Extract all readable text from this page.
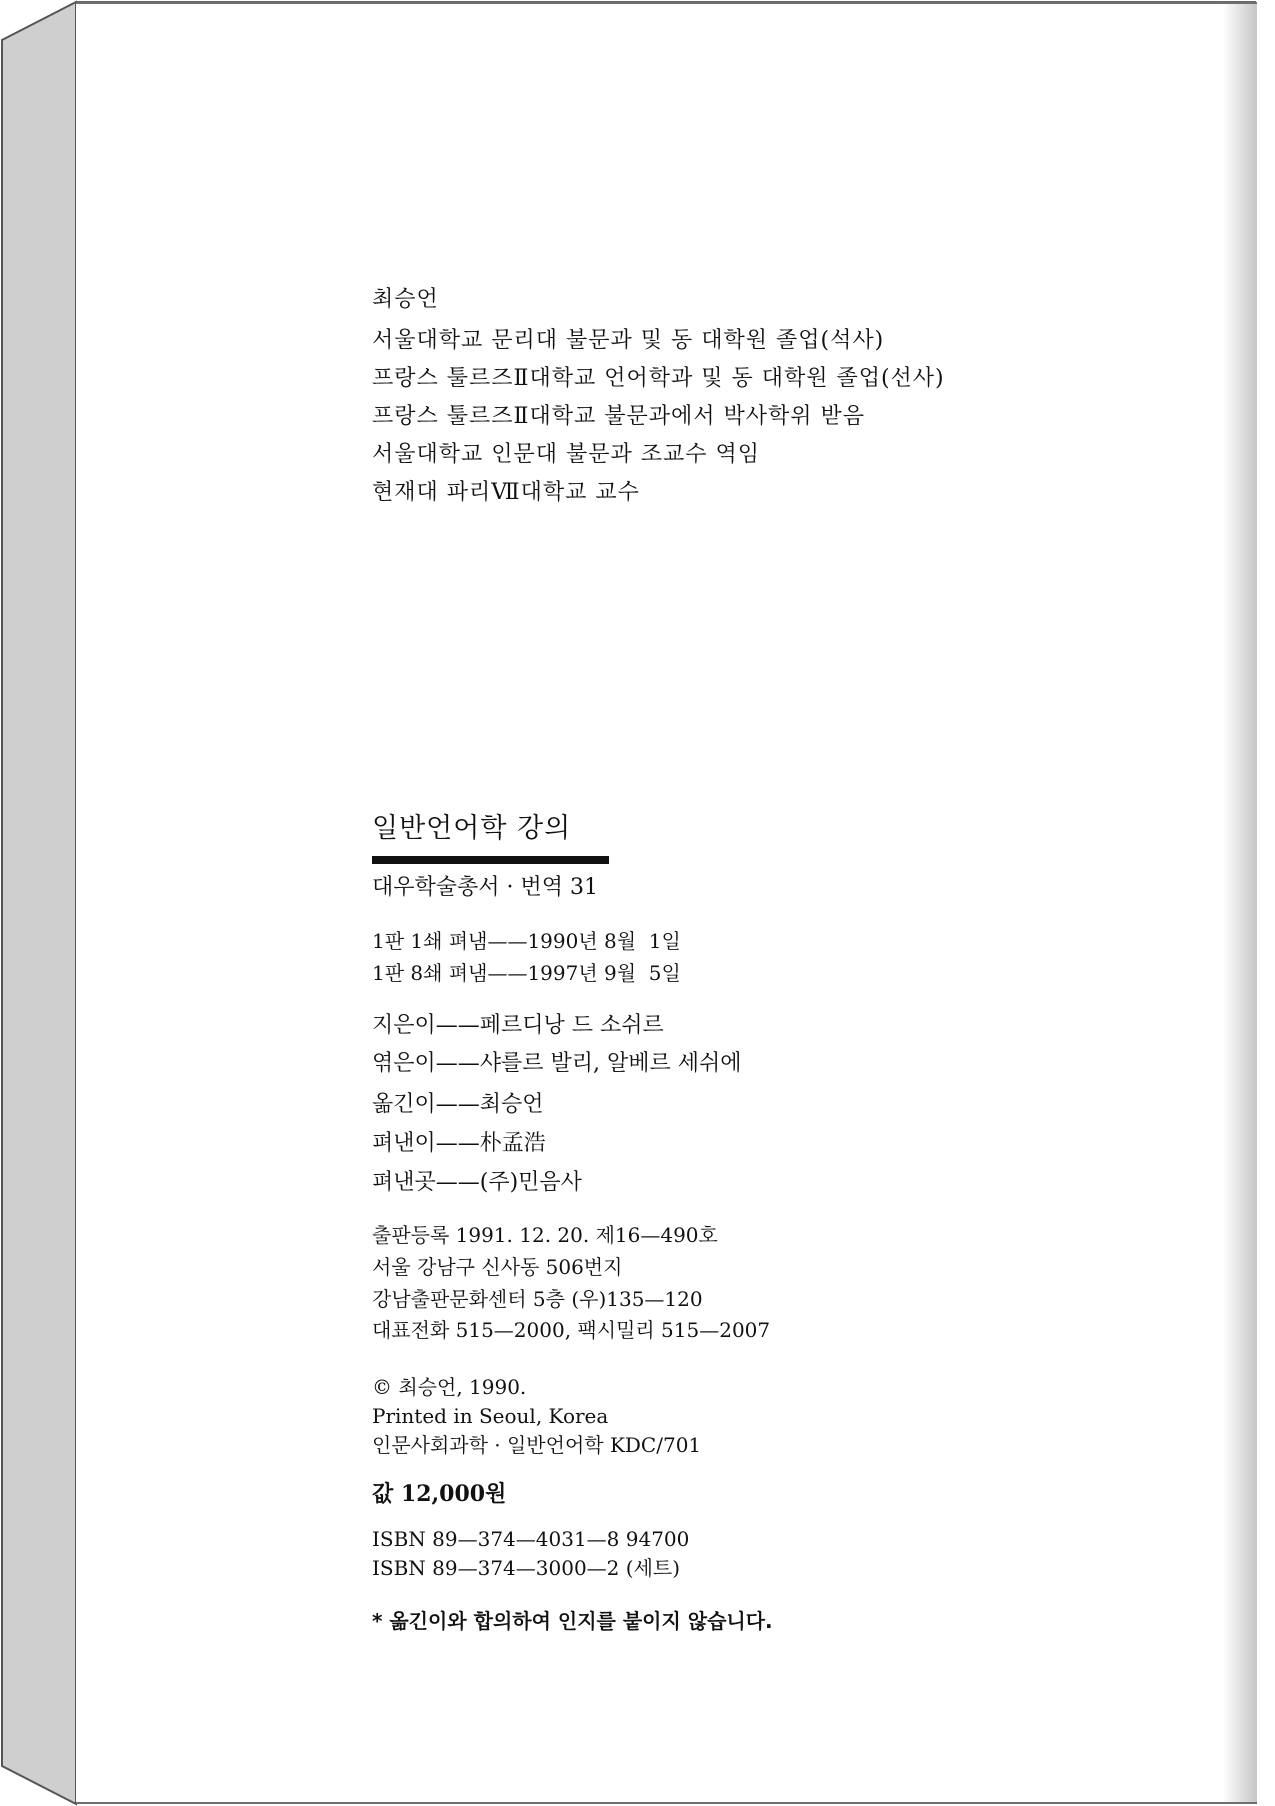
최승언
서울대학교 문리대 불문과 및 동 대학원 졸업(석사)
프랑스 툴르즈Ⅱ대학교 언어학과 및 동 대학원 졸업(선사)
프랑스 툴르즈Ⅱ대학교 불문과에서 박사학위 받음
서울대학교 인문대 불문과 조교수 역임
현재대 파리Ⅶ대학교 교수
일반언어학 강의
대우학술총서 · 번역 31
1판 1쇄 펴냄——1990년 8월  1일
1판 8쇄 펴냄——1997년 9월  5일
지은이——페르디낭 드 소쉬르
엮은이——샤를르 발리, 알베르 세쉬에
옮긴이——최승언
펴낸이——朴孟浩
펴낸곳——(주)민음사
출판등록 1991. 12. 20. 제16—490호
서울 강남구 신사동 506번지
강남출판문화센터 5층 (우)135—120
대표전화 515—2000, 팩시밀리 515—2007
© 최승언, 1990.
Printed in Seoul, Korea
인문사회과학 · 일반언어학 KDC/701
값 12,000원
ISBN 89—374—4031—8 94700
ISBN 89—374—3000—2 (세트)
* 옮긴이와 합의하여 인지를 붙이지 않습니다.
